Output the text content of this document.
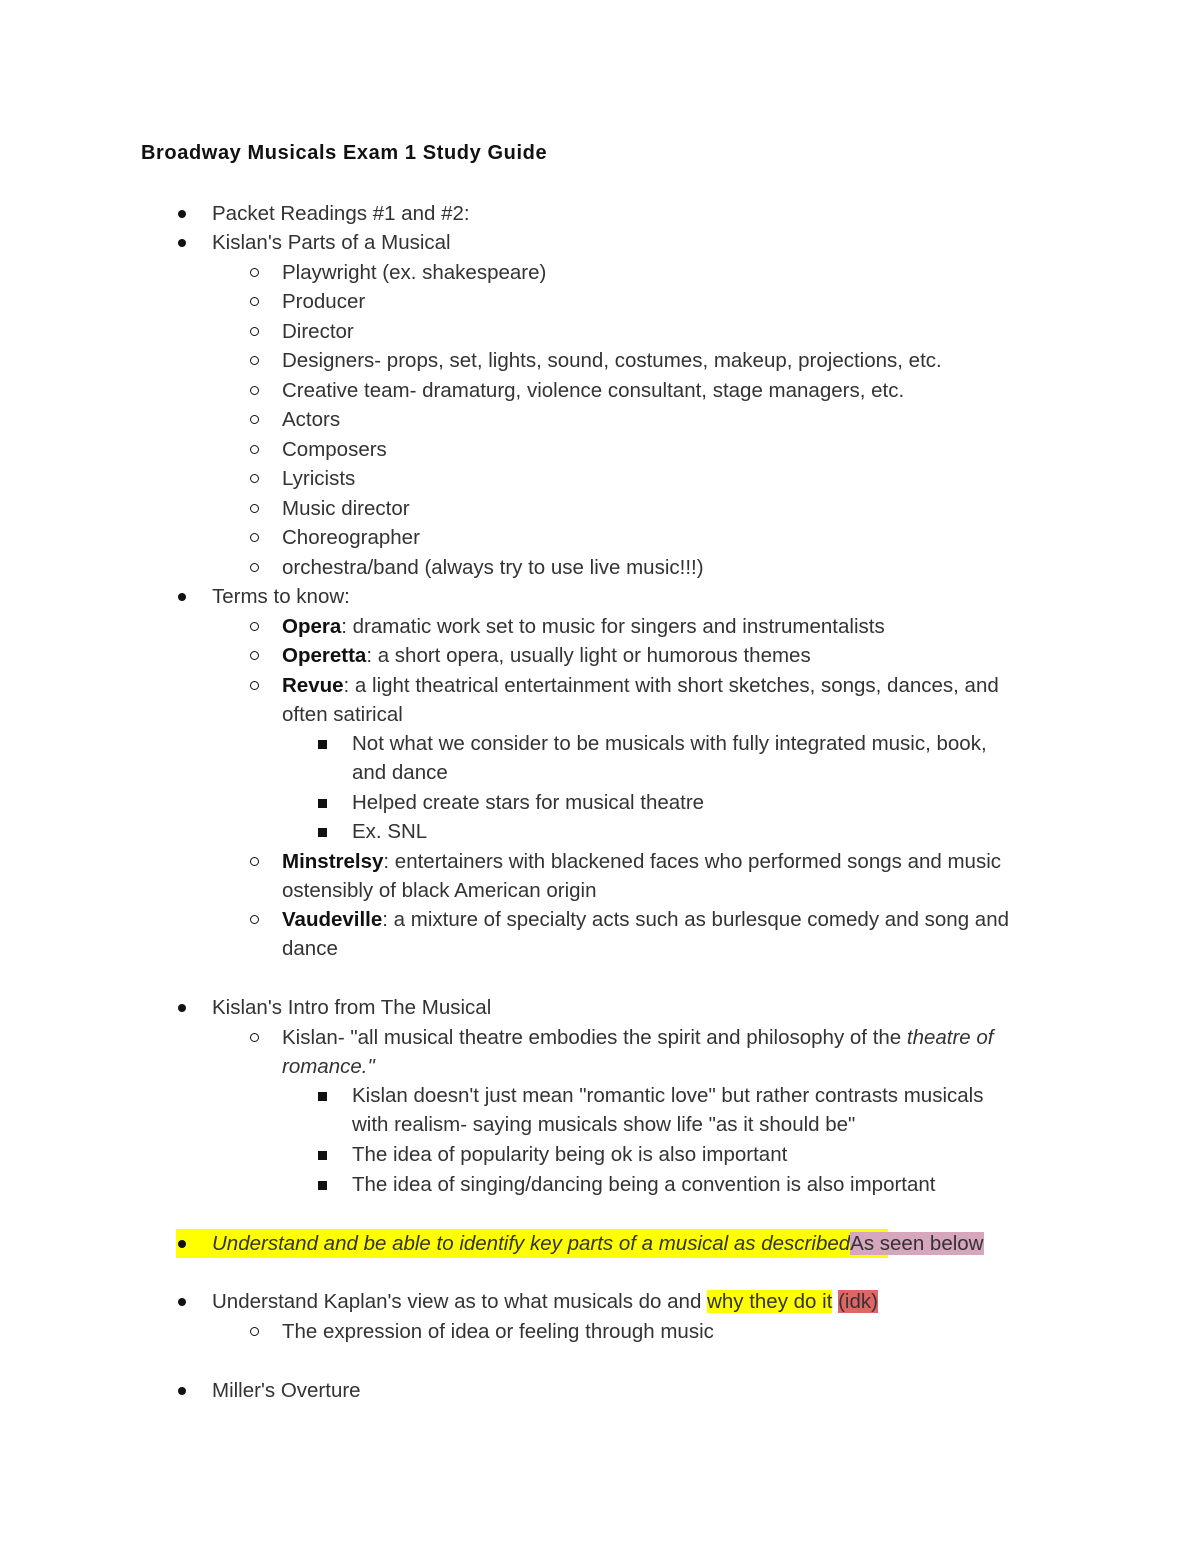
Broadway Musicals Exam 1 Study Guide
Packet Readings #1 and #2:
Kislan's Parts of a Musical
Playwright (ex. shakespeare)
Producer
Director
Designers- props, set, lights, sound, costumes, makeup, projections, etc.
Creative team- dramaturg, violence consultant, stage managers, etc.
Actors
Composers
Lyricists
Music director
Choreographer
orchestra/band (always try to use live music!!!)
Terms to know:
Opera: dramatic work set to music for singers and instrumentalists
Operetta: a short opera, usually light or humorous themes
Revue: a light theatrical entertainment with short sketches, songs, dances, and
often satirical
Not what we consider to be musicals with fully integrated music, book,
and dance
Helped create stars for musical theatre
Ex. SNL
Minstrelsy: entertainers with blackened faces who performed songs and music
ostensibly of black American origin
Vaudeville: a mixture of specialty acts such as burlesque comedy and song and
dance
Kislan's Intro from The Musical
Kislan- "all musical theatre embodies the spirit and philosophy of the theatre of
romance."
Kislan doesn't just mean "romantic love" but rather contrasts musicals
with realism- saying musicals show life "as it should be"
The idea of popularity being ok is also important
The idea of singing/dancing being a convention is also important
Understand and be able to identify key parts of a musical as describedAs seen below
Understand Kaplan's view as to what musicals do and why they do it (idk)
The expression of idea or feeling through music
Miller's Overture
